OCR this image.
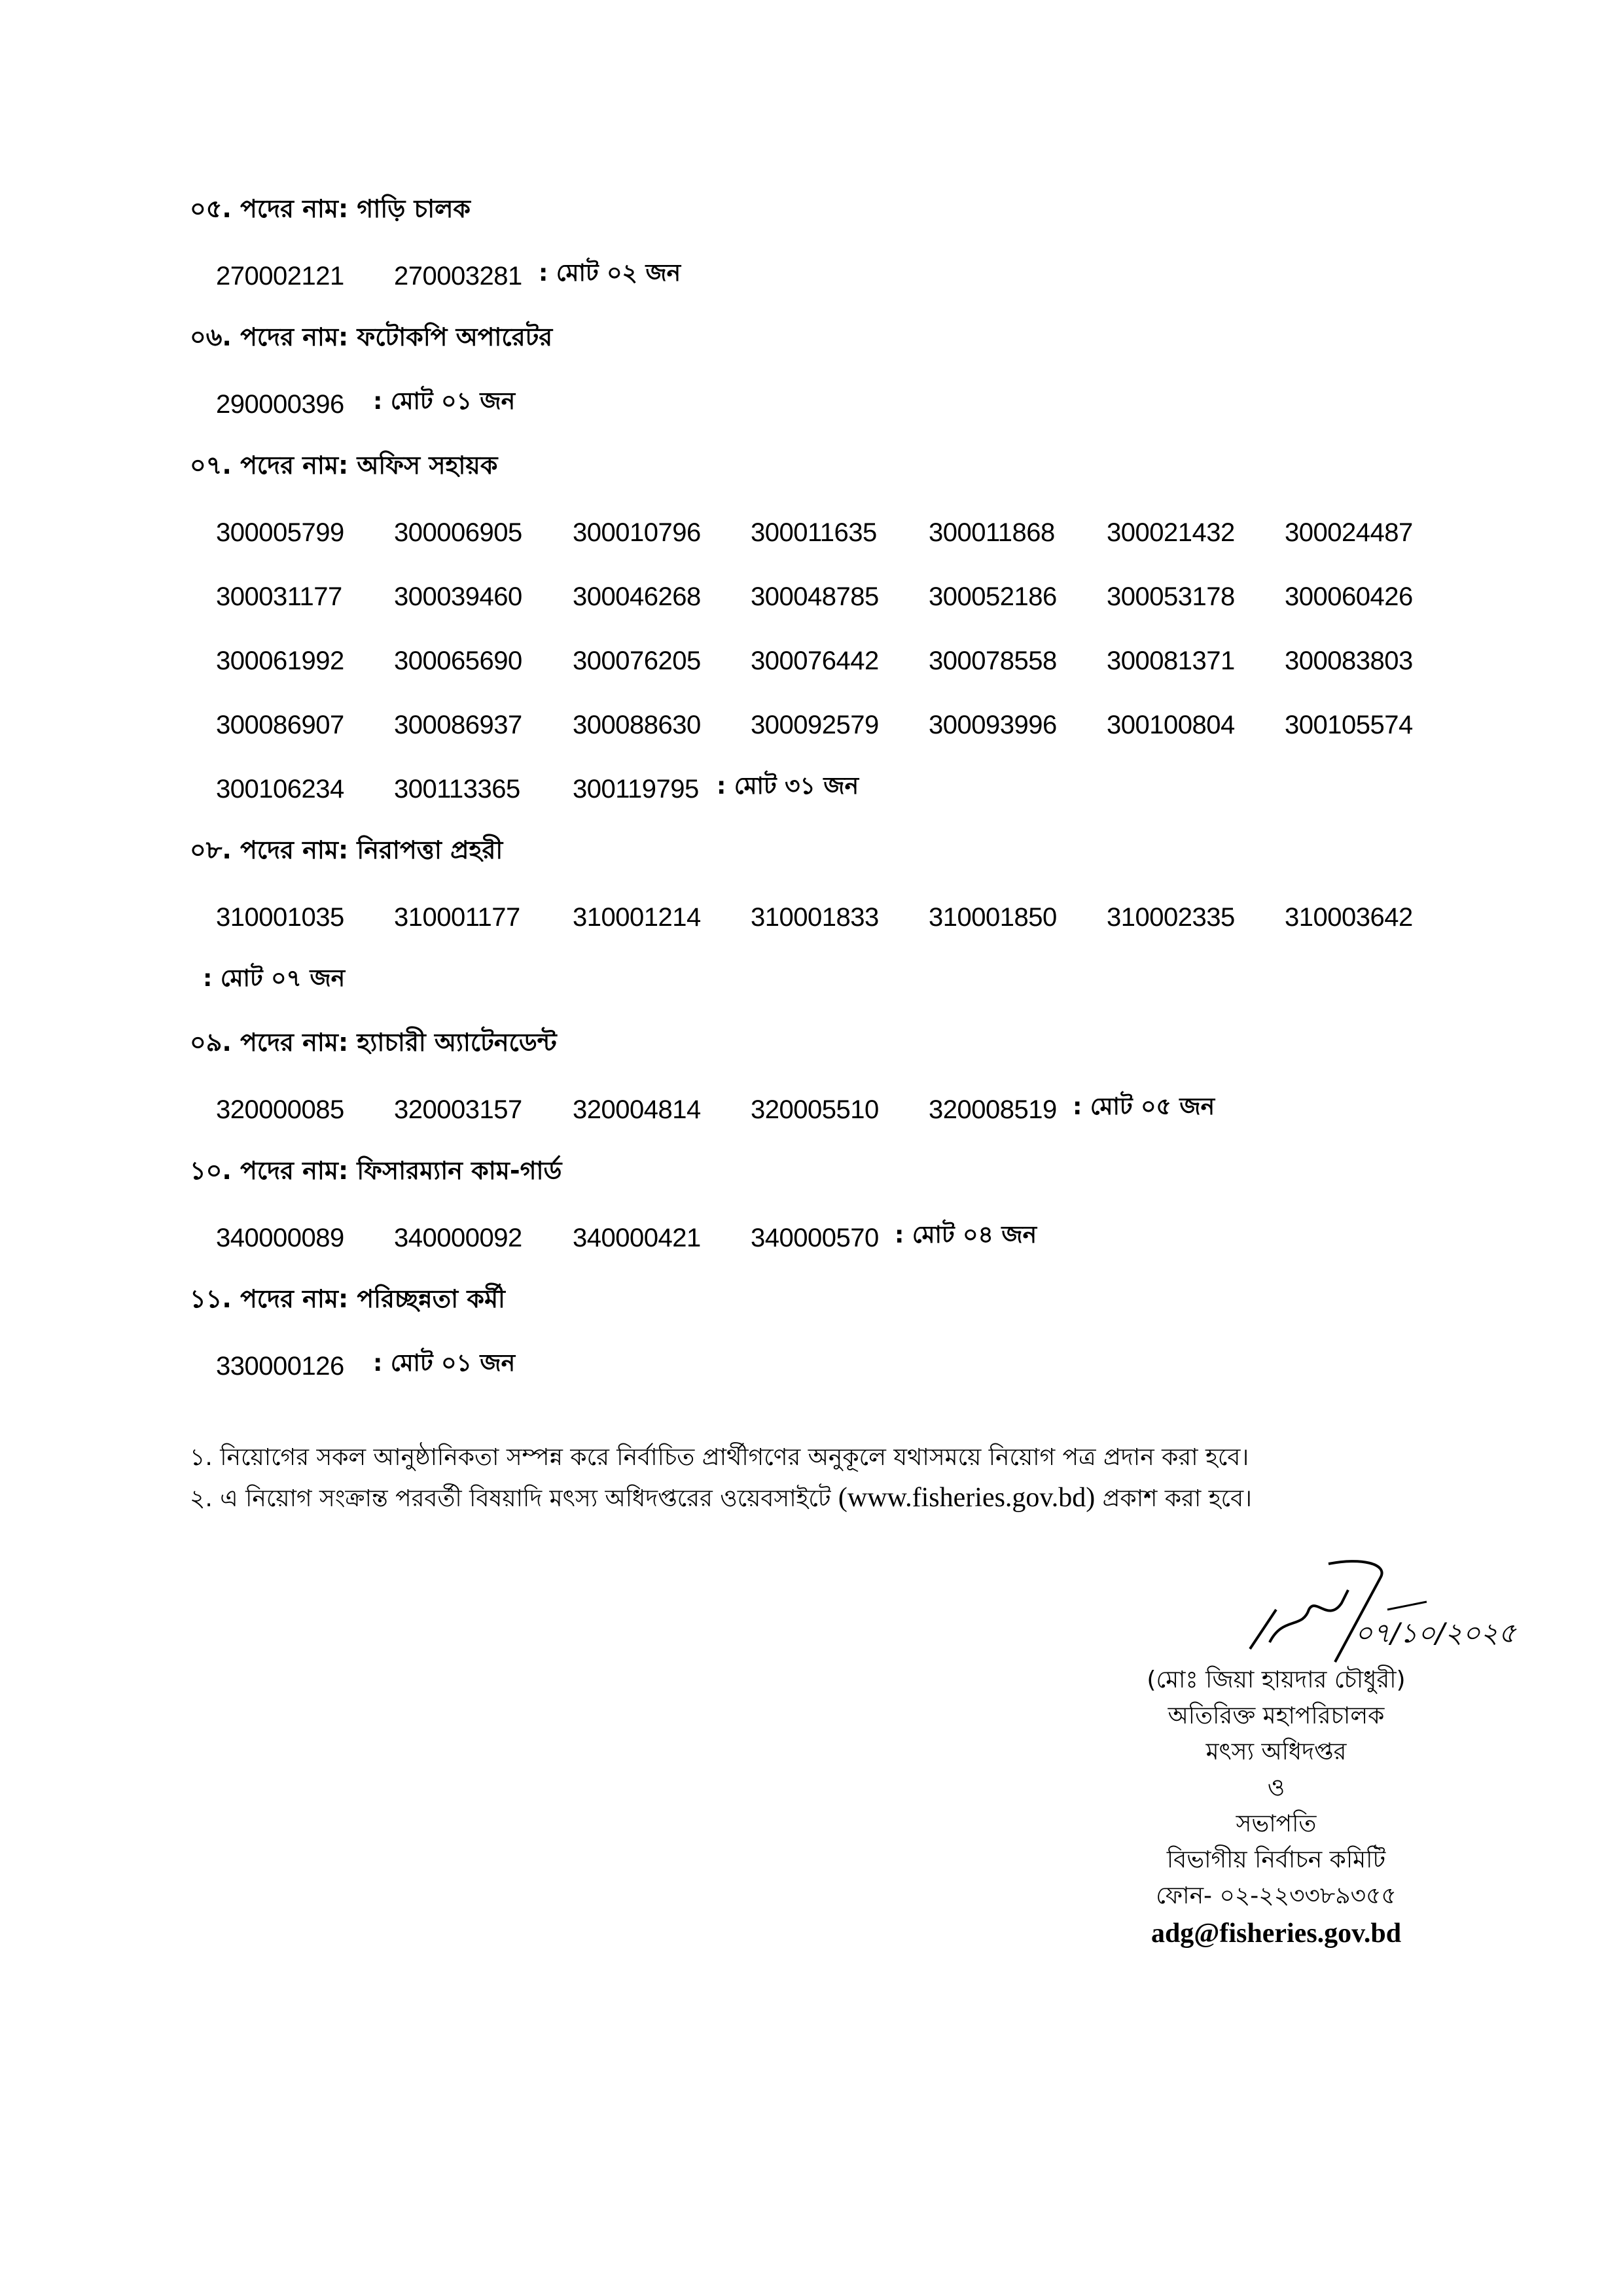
০৫. পদের নাম: গাড়ি চালক
270002121 270003281 : মোট ০২ জন
০৬. পদের নাম: ফটোকপি অপারেটর
290000396 : মোট ০১ জন
০৭. পদের নাম: অফিস সহায়ক
300005799 300006905 300010796 300011635 300011868 300021432 300024487
300031177 300039460 300046268 300048785 300052186 300053178 300060426
300061992 300065690 300076205 300076442 300078558 300081371 300083803
300086907 300086937 300088630 300092579 300093996 300100804 300105574
300106234 300113365 300119795 : মোট ৩১ জন
০৮. পদের নাম: নিরাপত্তা প্রহরী
310001035 310001177 310001214 310001833 310001850 310002335 310003642
: মোট ০৭ জন
০৯. পদের নাম: হ্যাচারী অ্যাটেনডেন্ট
320000085 320003157 320004814 320005510 320008519 : মোট ০৫ জন
১০. পদের নাম: ফিসারম্যান কাম-গার্ড
340000089 340000092 340000421 340000570 : মোট ০৪ জন
১১. পদের নাম: পরিচ্ছন্নতা কর্মী
330000126 : মোট ০১ জন
১. নিয়োগের সকল আনুষ্ঠানিকতা সম্পন্ন করে নির্বাচিত প্রার্থীগণের অনুকূলে যথাসময়ে নিয়োগ পত্র প্রদান করা হবে।
২. এ নিয়োগ সংক্রান্ত পরবর্তী বিষয়াদি মৎস্য অধিদপ্তরের ওয়েবসাইটে (www.fisheries.gov.bd) প্রকাশ করা হবে।
০৭/১০/২০২৫
(মোঃ জিয়া হায়দার চৌধুরী)
অতিরিক্ত মহাপরিচালক
মৎস্য অধিদপ্তর
ও
সভাপতি
বিভাগীয় নির্বাচন কমিটি
ফোন- ০২-২২৩৩৮৯৩৫৫
adg@fisheries.gov.bd
